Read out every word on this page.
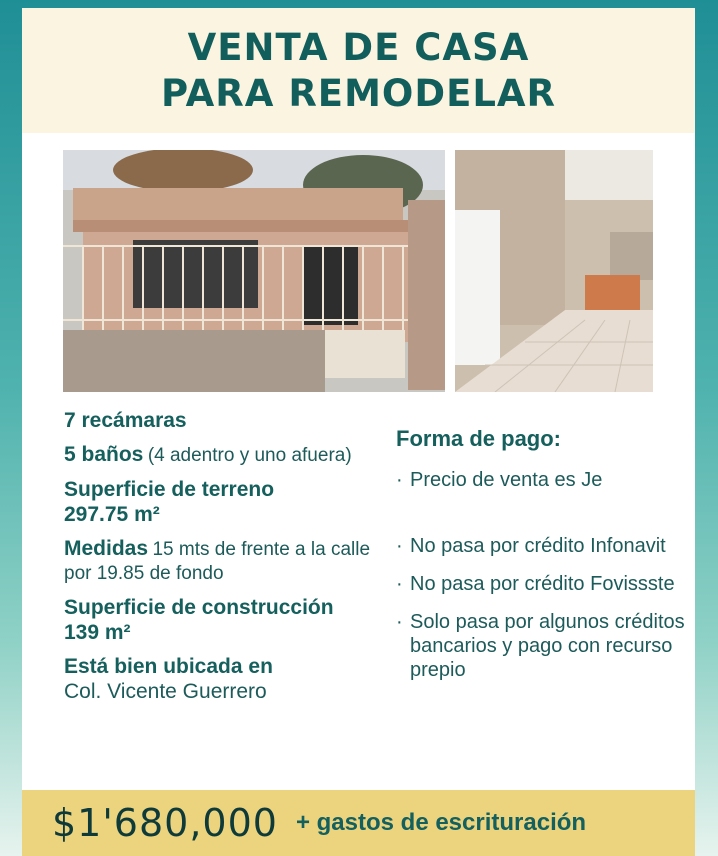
VENTA DE CASA
PARA REMODELAR
7 recámaras
5 baños (4 adentro y uno afuera)
Superficie de terreno
297.75 m²
Medidas 15 mts de frente a la calle por 19.85 de fondo
Superficie de construcción 139 m²
Está bien ubicada en
Col. Vicente Guerrero
Forma de pago:
· Precio de venta es Je
· No pasa por crédito Infonavit
· No pasa por crédito Fovissste
· Solo pasa por algunos créditos bancarios y pago con recurso prepio
$1'680,000 + gastos de escrituración
